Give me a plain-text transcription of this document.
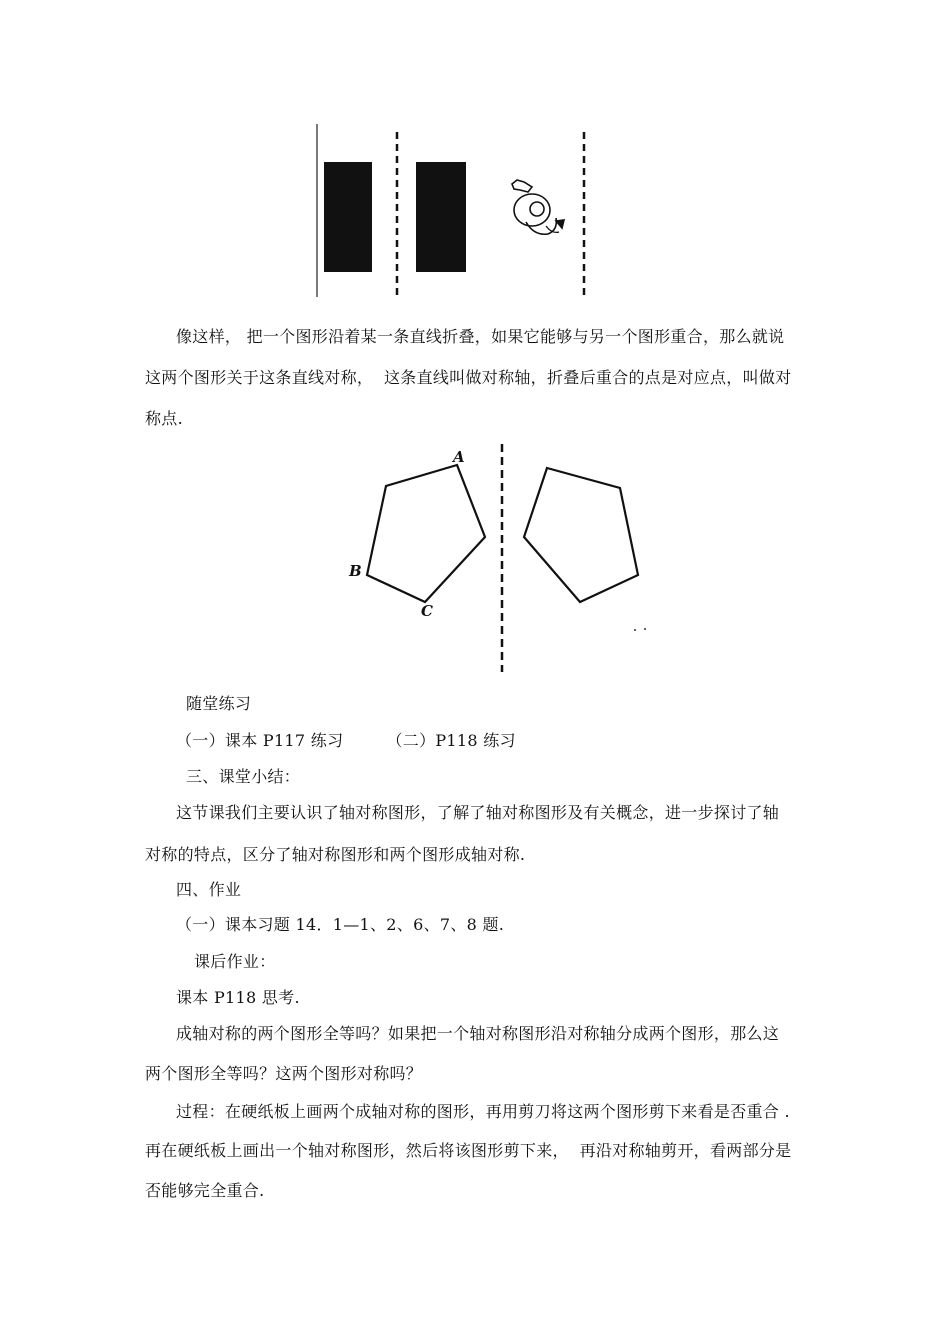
像这样， 把一个图形沿着某一条直线折叠，如果它能够与另一个图形重合，那么就说
这两个图形关于这条直线对称，  这条直线叫做对称轴，折叠后重合的点是对应点，叫做对
称点.
A
B
C
随堂练习
（一）课本 P117 练习        （二）P118 练习
三、课堂小结：
这节课我们主要认识了轴对称图形，了解了轴对称图形及有关概念，进一步探讨了轴
对称的特点，区分了轴对称图形和两个图形成轴对称.
四、作业
（一）课本习题 14．1—1、2、6、7、8 题.
课后作业：
课本 P118 思考.
成轴对称的两个图形全等吗？如果把一个轴对称图形沿对称轴分成两个图形，那么这
两个图形全等吗？这两个图形对称吗？
过程：在硬纸板上画两个成轴对称的图形，再用剪刀将这两个图形剪下来看是否重合 .
再在硬纸板上画出一个轴对称图形，然后将该图形剪下来，  再沿对称轴剪开，看两部分是
否能够完全重合.
